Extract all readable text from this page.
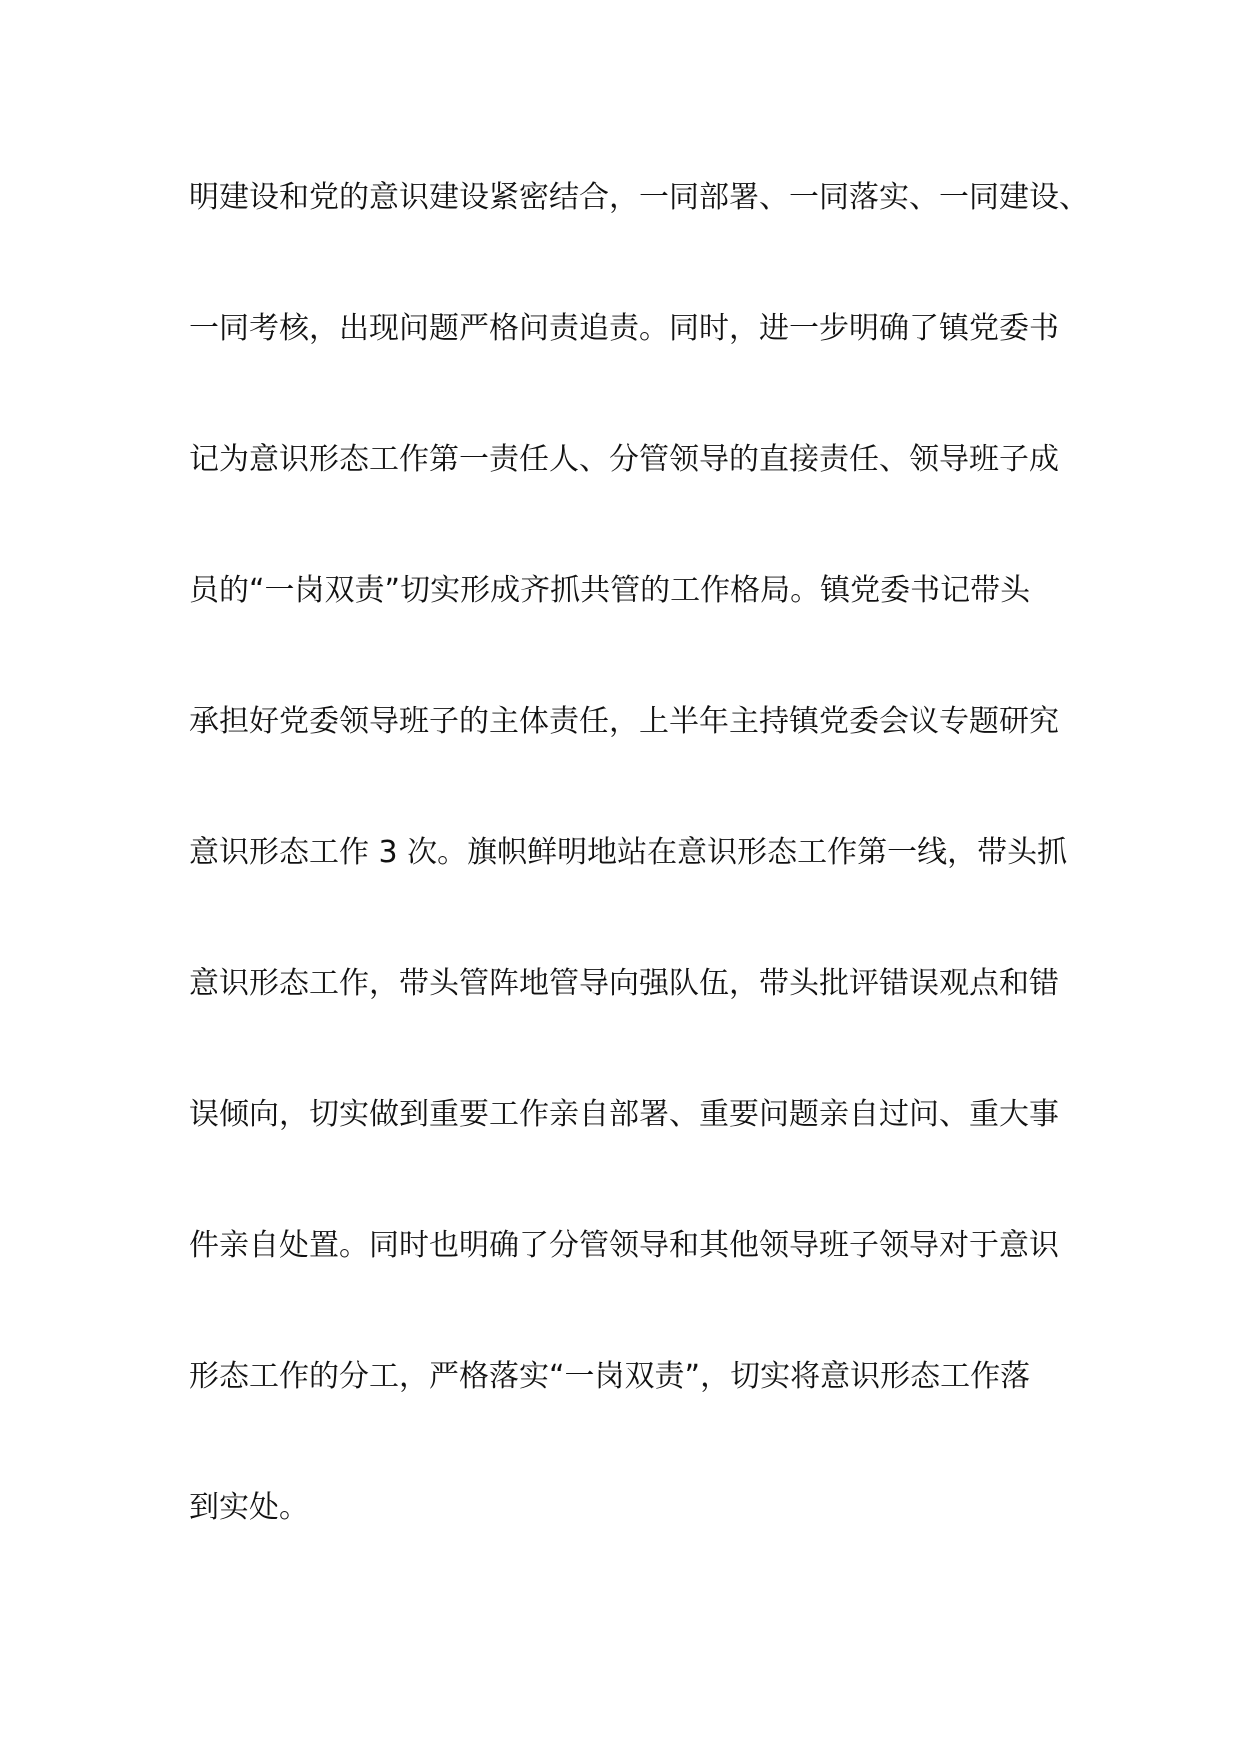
明建设和党的意识建设紧密结合，一同部署、一同落实、一同建设、
一同考核，出现问题严格问责追责。同时，进一步明确了镇党委书
记为意识形态工作第一责任人、分管领导的直接责任、领导班子成
员的“一岗双责”切实形成齐抓共管的工作格局。镇党委书记带头
承担好党委领导班子的主体责任，上半年主持镇党委会议专题研究
意识形态工作 3 次。旗帜鲜明地站在意识形态工作第一线，带头抓
意识形态工作，带头管阵地管导向强队伍，带头批评错误观点和错
误倾向，切实做到重要工作亲自部署、重要问题亲自过问、重大事
件亲自处置。同时也明确了分管领导和其他领导班子领导对于意识
形态工作的分工，严格落实“一岗双责”，切实将意识形态工作落
到实处。
